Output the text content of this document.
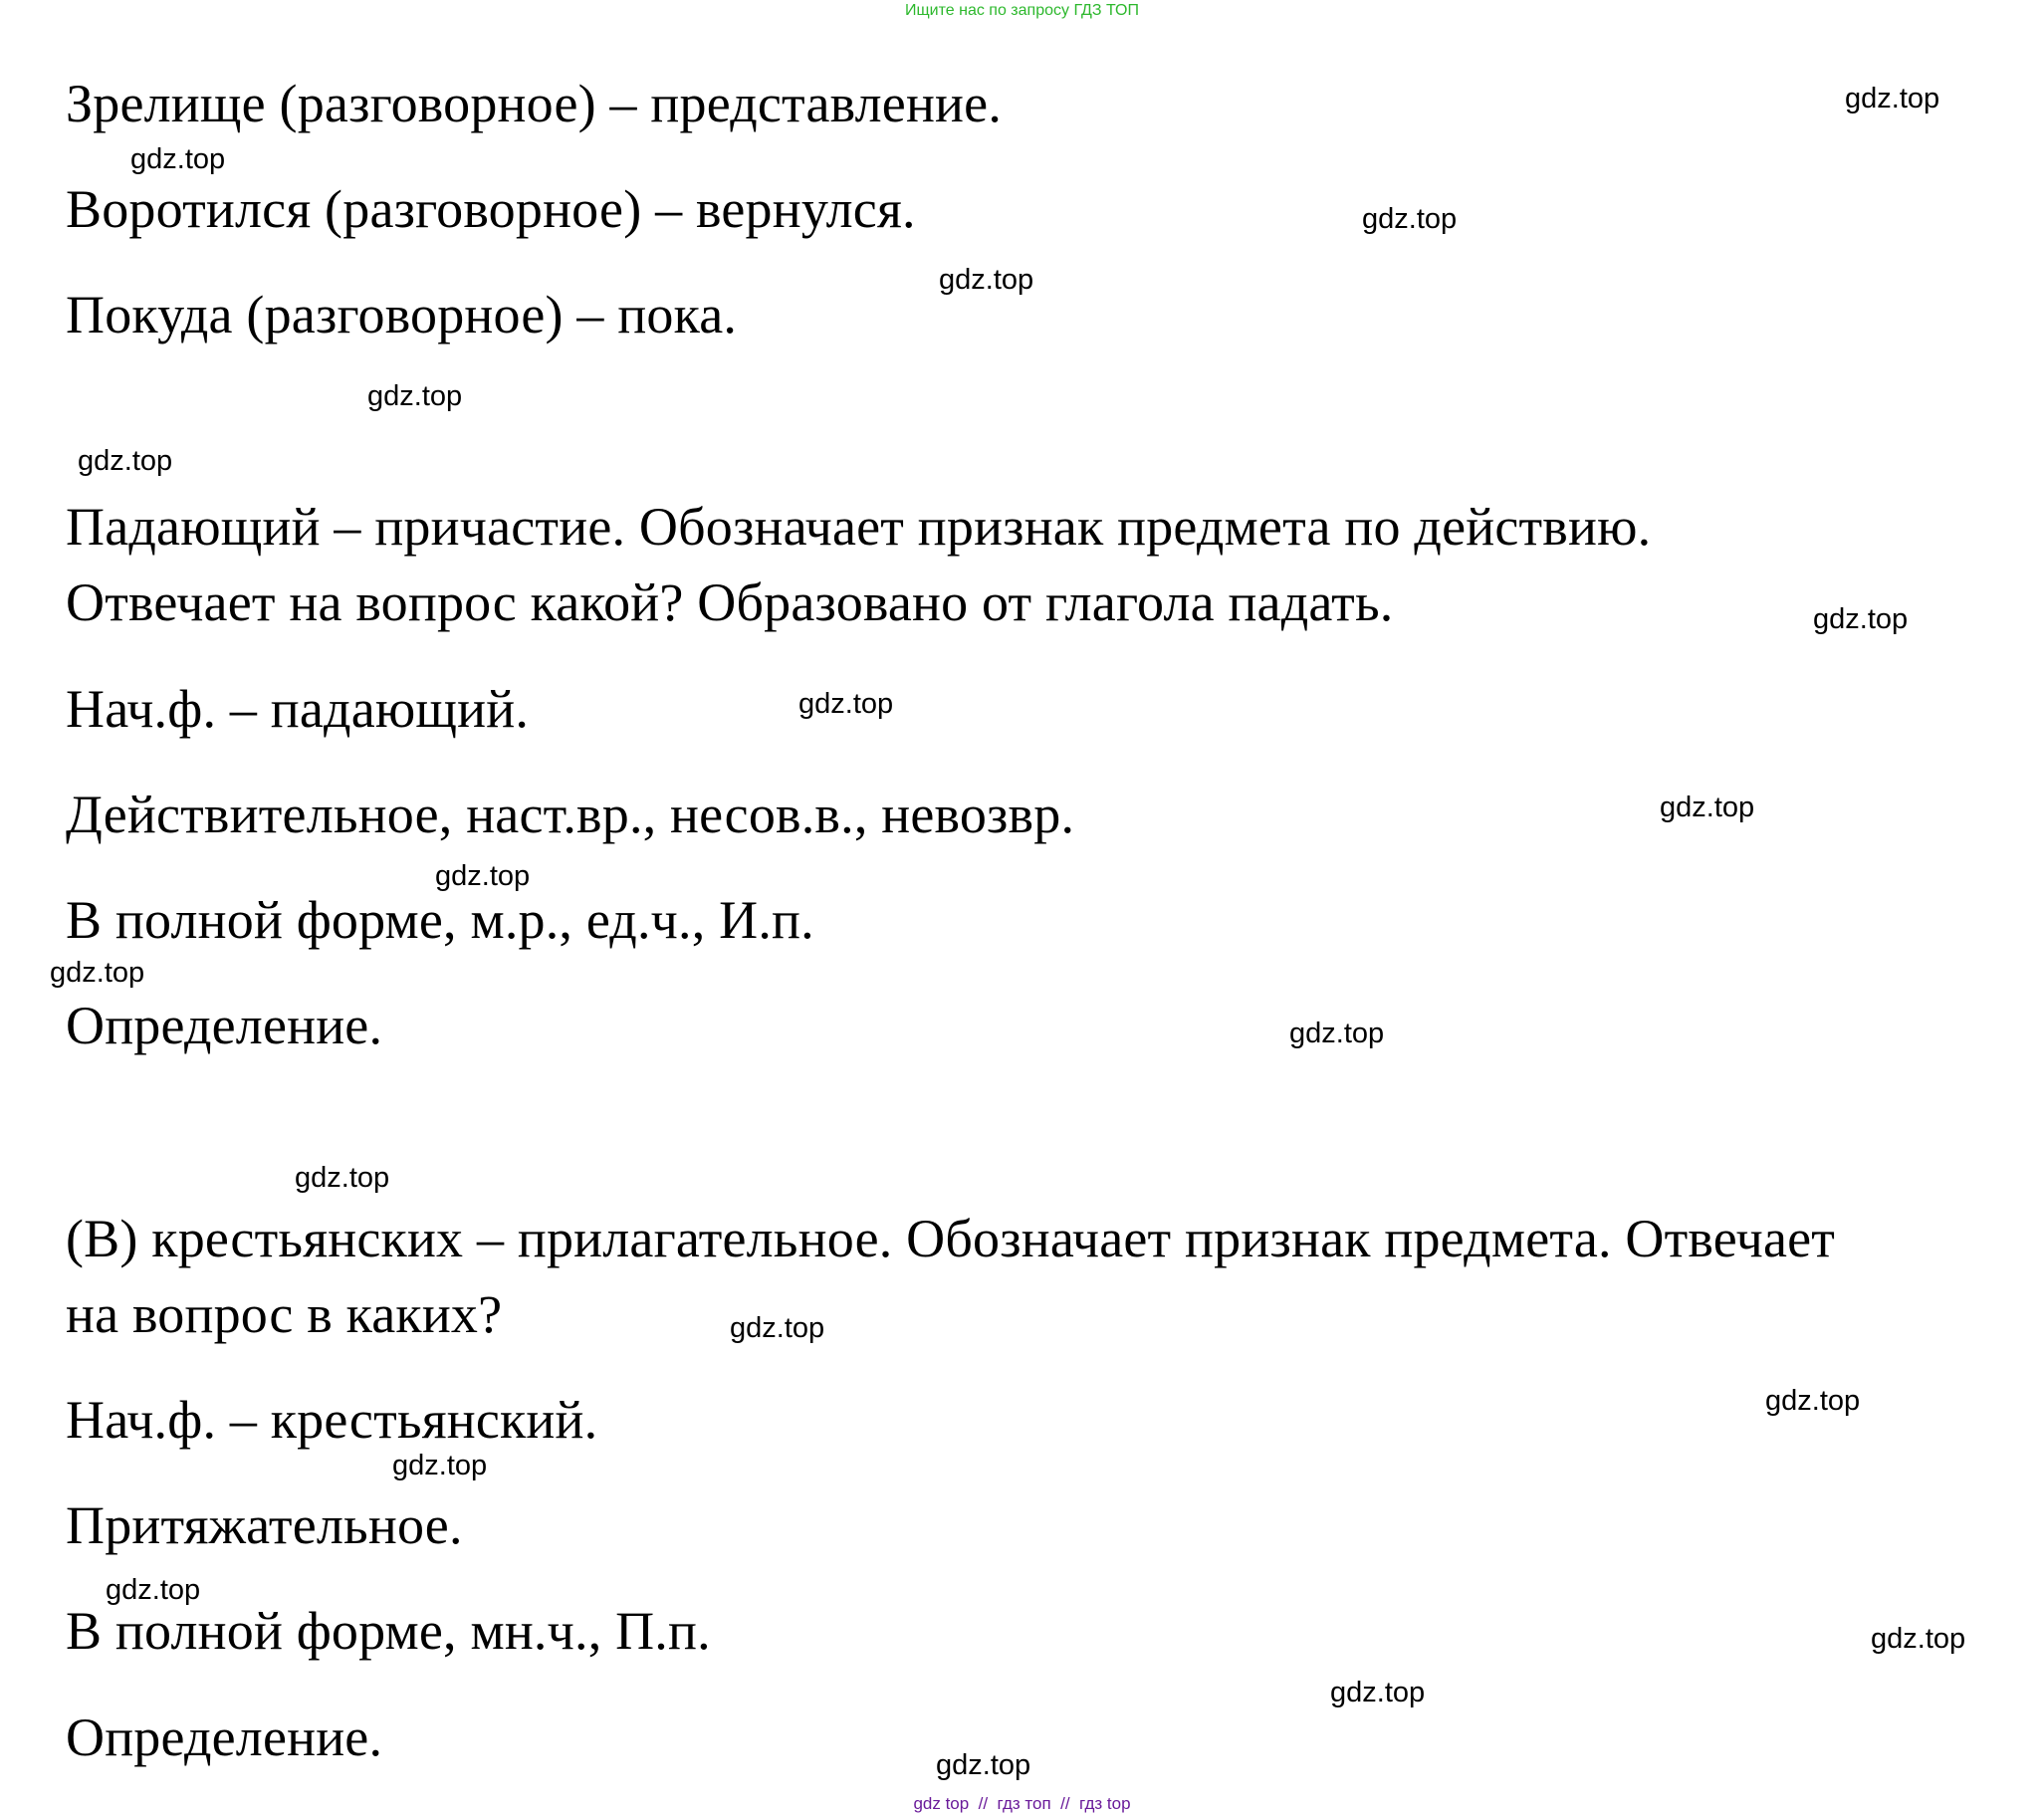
Ищите нас по запросу ГДЗ ТОП
Зрелище (разговорное) – представление.
Воротился (разговорное) – вернулся.
Покуда (разговорное) – пока.
Падающий – причастие. Обозначает признак предмета по действию.
Отвечает на вопрос какой? Образовано от глагола падать.
Нач.ф. – падающий.
Действительное, наст.вр., несов.в., невозвр.
В полной форме, м.р., ед.ч., И.п.
Определение.
(В) крестьянских – прилагательное. Обозначает признак предмета. Отвечает
на вопрос в каких?
Нач.ф. – крестьянский.
Притяжательное.
В полной форме, мн.ч., П.п.
Определение.
gdz.top
gdz.top
gdz.top
gdz.top
gdz.top
gdz.top
gdz.top
gdz.top
gdz.top
gdz.top
gdz.top
gdz.top
gdz.top
gdz.top
gdz.top
gdz.top
gdz.top
gdz.top
gdz.top
gdz.top
gdz top  //  гдз топ  //  гдз top
